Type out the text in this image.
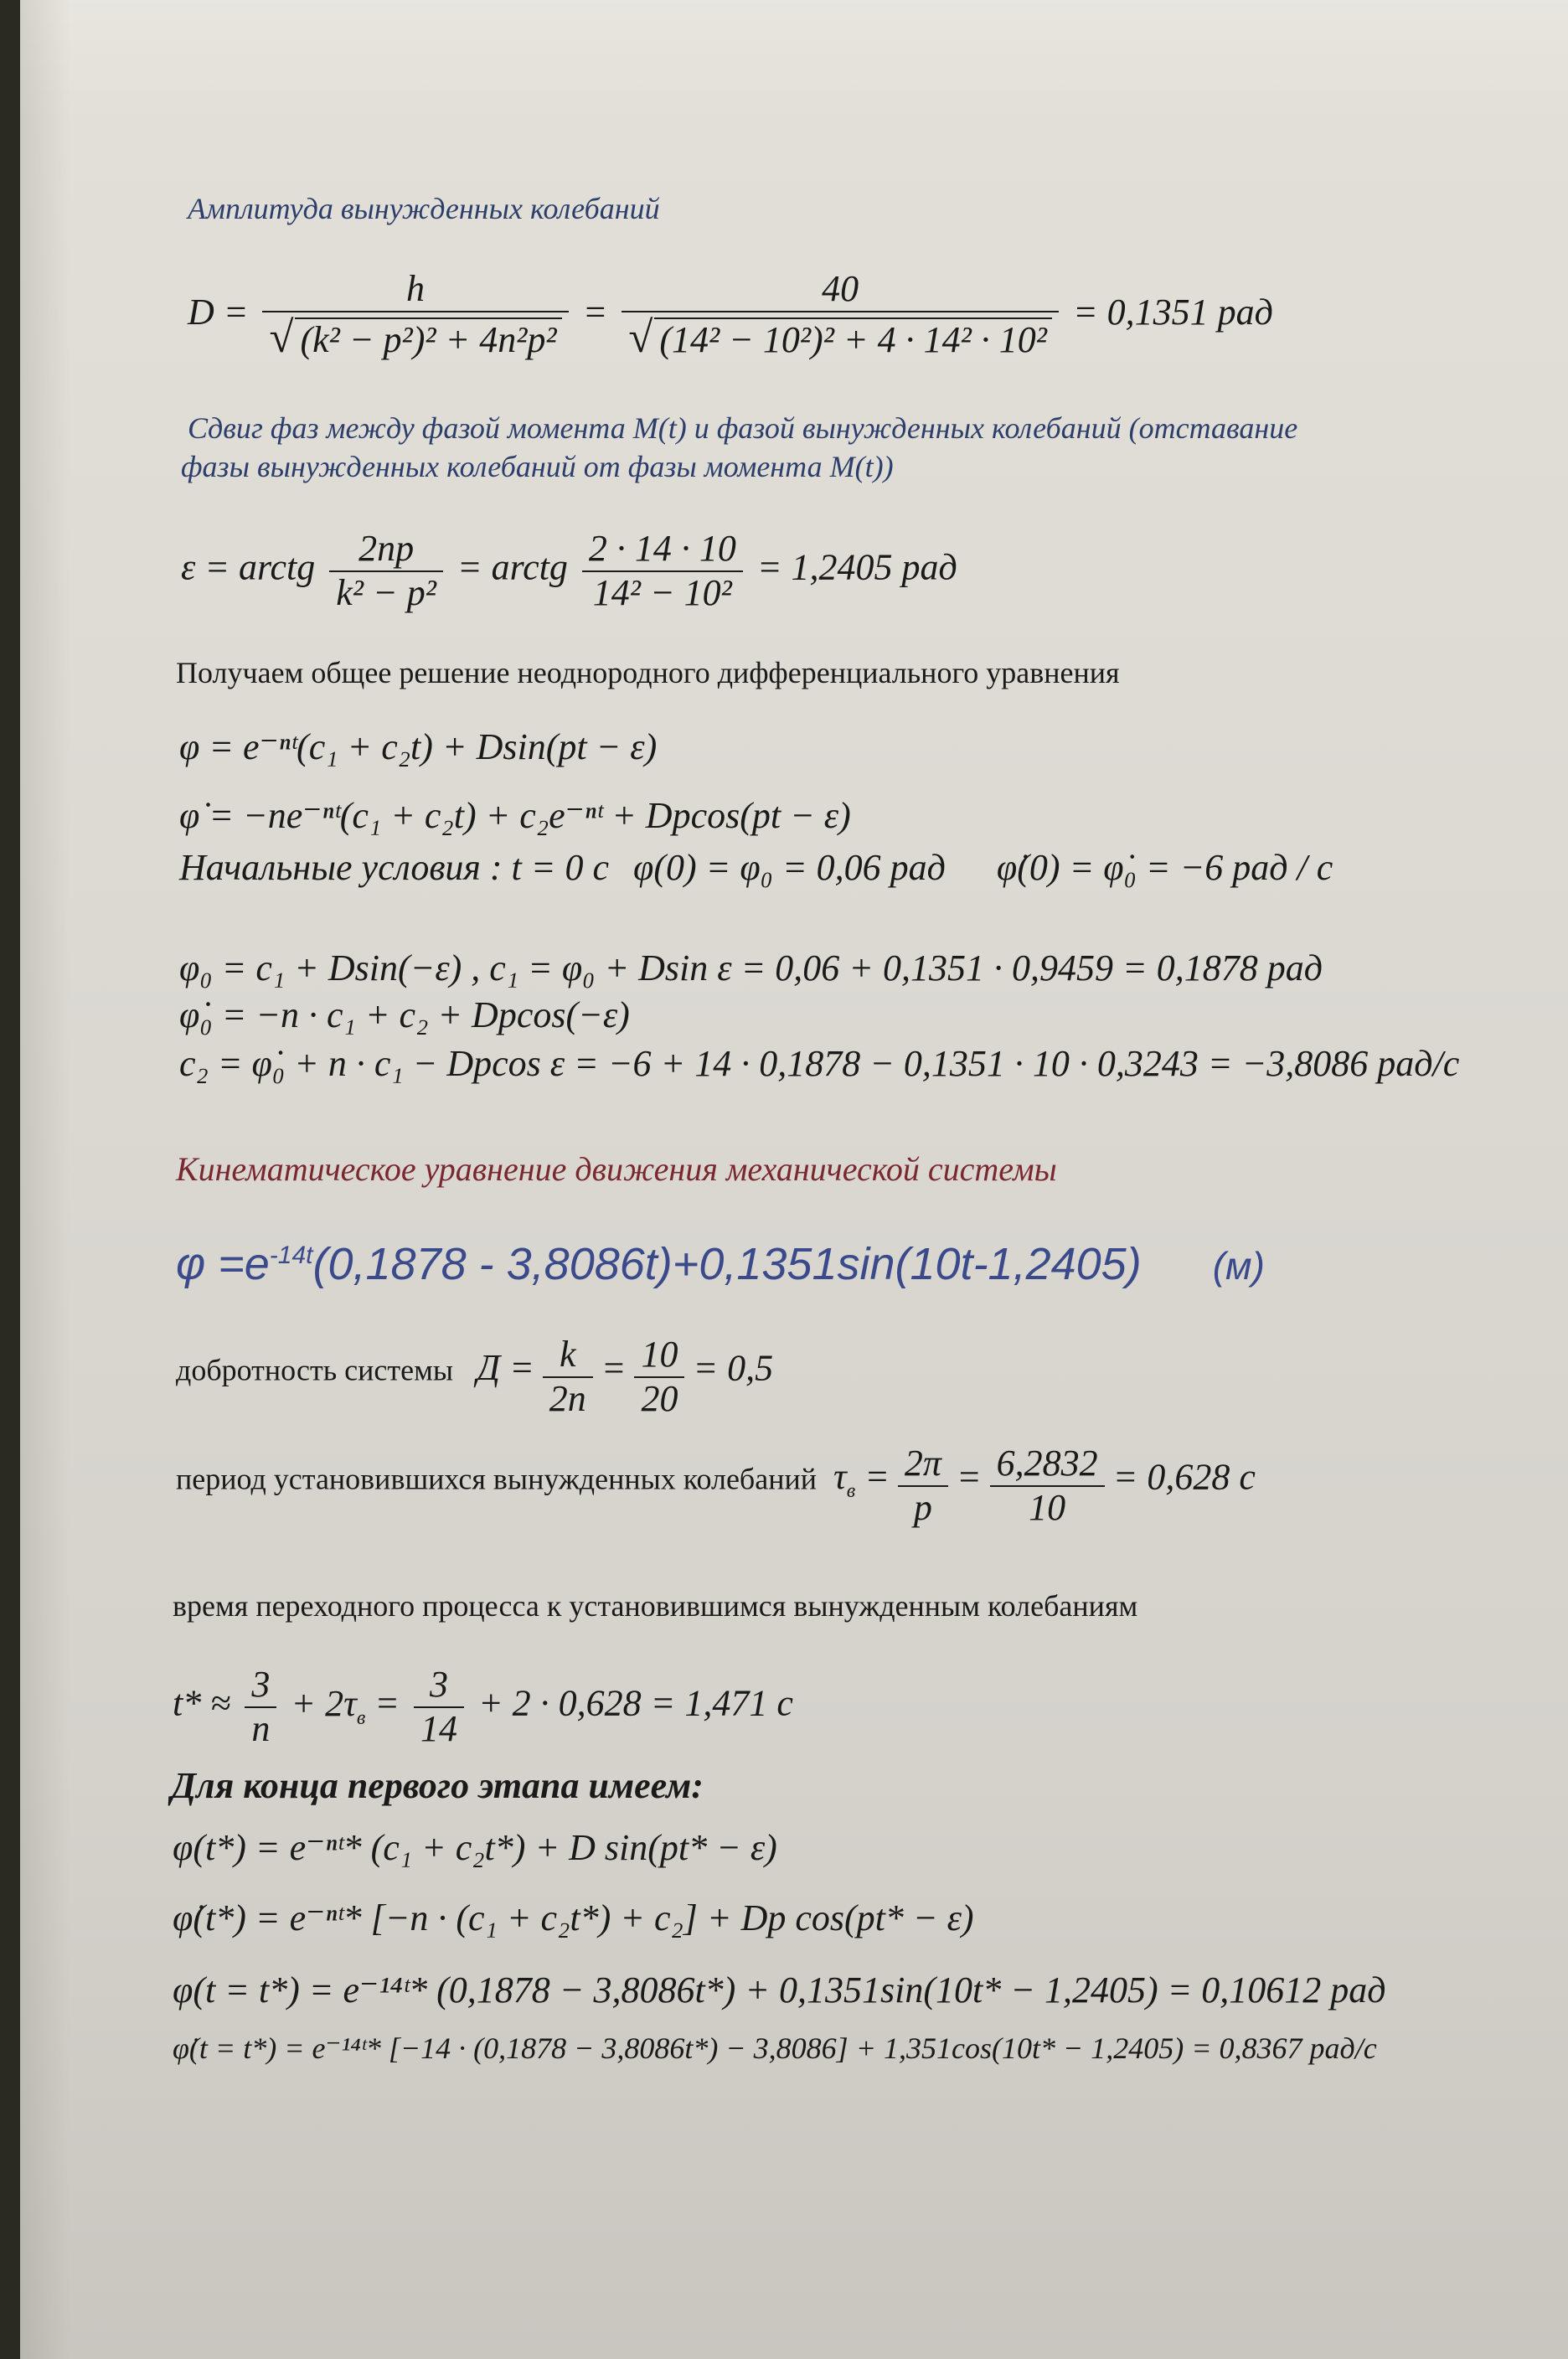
Амплитуда вынужденных колебаний
$D = \frac{h}{\text{√ (k² − p²)² + 4n²p²}} = \frac{40}{\text{√ (14² − 10²)² + 4 · 14² · 10²}} = 0,1351$ рад
Сдвиг фаз между фазой момента M(t) и фазой вынужденных колебаний (отставание
фазы вынужденных колебаний от фазы момента M(t))
ε = arctg $\frac{2np}{\text{k² − p²}}$ = arctg $\frac{2 \cdot 14 \cdot 10}{\text{14² − 10²}} = 1,2405$ рад
Получаем общее решение неоднородного дифференциального уравнения
φ = e⁻ⁿᵗ(c₁ + c₂t) + Dsin(pt − ε)
φ̇ = −ne⁻ⁿᵗ(c₁ + c₂t) + c₂e⁻ⁿᵗ + Dpcos(pt − ε)
Начальные условия : t = 0 c φ(0) = φ₀ = 0,06 рад φ̇(0) = φ̇₀ = −6 рад / с
φ₀ = c₁ + Dsin(−ε) , c₁ = φ₀ + Dsin ε = 0,06 + 0,1351 · 0,9459 = 0,1878 рад
φ̇₀ = −n · c₁ + c₂ + Dpcos(−ε)
c₂ = φ̇₀ + n · c₁ − Dpcos ε = −6 + 14 · 0,1878 − 0,1351 · 10 · 0,3243 = −3,8086 рад/с
Кинематическое уравнение движения механической системы
$\varphi =e^{-14t}(0,1878 - 3,8086t)+0,1351\sin(10t-1,2405)$ (м)
добротность системы $Д = \frac{k}{2n} = \frac{10}{20} = 0,5$
период установившихся вынужденных колебаний $\tau_в = \frac{2\pi}{p} = \frac{6,2832}{10} = 0,628$ с
время переходного процесса к установившимся вынужденным колебаниям
$t* \approx \frac{3}{n} + 2\tau_в = \frac{3}{14} + 2 \cdot 0,628 = 1,471$ с
Для конца первого этапа имеем:
φ(t*) = e⁻ⁿᵗ* (c₁ + c₂t*) + D sin(pt* − ε)
φ̇(t*) = e⁻ⁿᵗ* [−n · (c₁ + c₂t*) + c₂] + Dp cos(pt* − ε)
φ(t = t*) = e⁻¹⁴ᵗ* (0,1878 − 3,8086t*) + 0,1351sin(10t* − 1,2405) = 0,10612 рад
φ̇(t = t*) = e⁻¹⁴ᵗ* [−14 · (0,1878 − 3,8086t*) − 3,8086] + 1,351cos(10t* − 1,2405) = 0,8367 рад/с
